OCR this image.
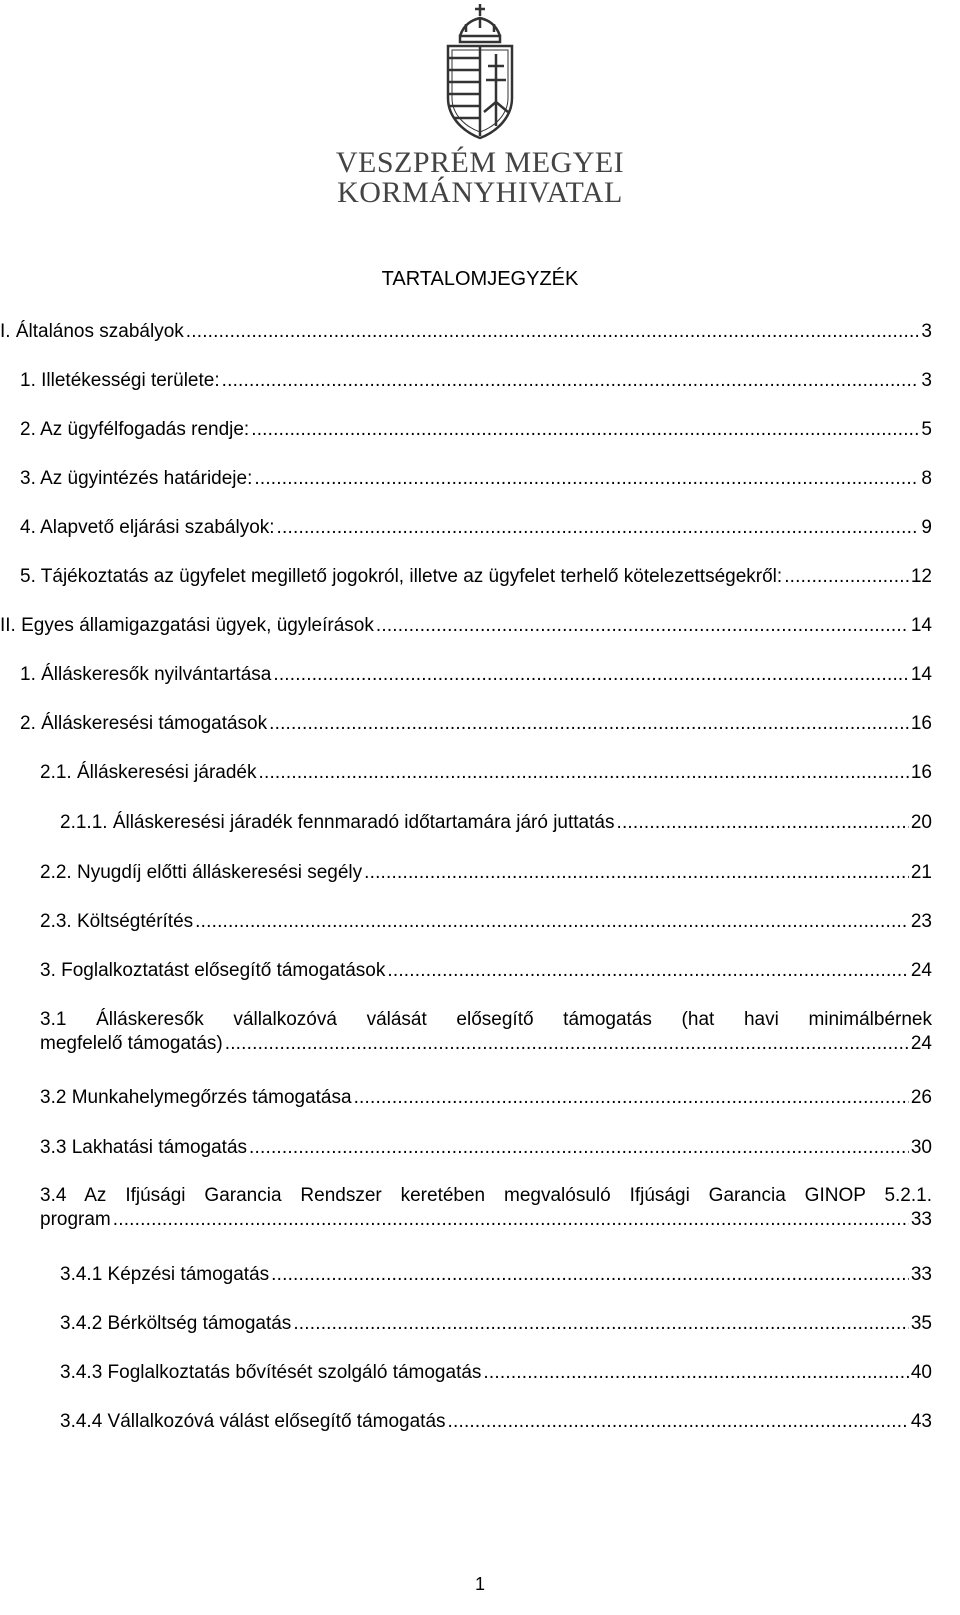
VESZPRÉM MEGYEI
KORMÁNYHIVATAL
TARTALOMJEGYZÉK
I. Általános szabályok .....	3
1. Illetékességi területe: .....	3
2. Az ügyfélfogadás rendje: .....	5
3. Az ügyintézés határideje: .....	8
4. Alapvető eljárási szabályok: .....	9
5. Tájékoztatás az ügyfelet megillető jogokról, illetve az ügyfelet terhelő kötelezettségekről: .....	12
II. Egyes államigazgatási ügyek, ügyleírások .....	14
1. Álláskeresők nyilvántartása .....	14
2. Álláskeresési támogatások .....	16
2.1. Álláskeresési járadék .....	16
2.1.1. Álláskeresési járadék fennmaradó időtartamára járó juttatás .....	20
2.2. Nyugdíj előtti álláskeresési segély .....	21
2.3. Költségtérítés .....	23
3. Foglalkoztatást elősegítő támogatások .....	24
3.1 Álláskeresők vállalkozóvá válását elősegítő támogatás (hat havi minimálbérnek
megfelelő támogatás) .....	24
3.2 Munkahelymegőrzés támogatása .....	26
3.3 Lakhatási támogatás .....	30
3.4 Az Ifjúsági Garancia Rendszer keretében megvalósuló Ifjúsági Garancia GINOP 5.2.1.
program .....	33
3.4.1 Képzési támogatás .....	33
3.4.2 Bérköltség támogatás .....	35
3.4.3 Foglalkoztatás bővítését szolgáló támogatás .....	40
3.4.4 Vállalkozóvá válást elősegítő támogatás .....	43
1
